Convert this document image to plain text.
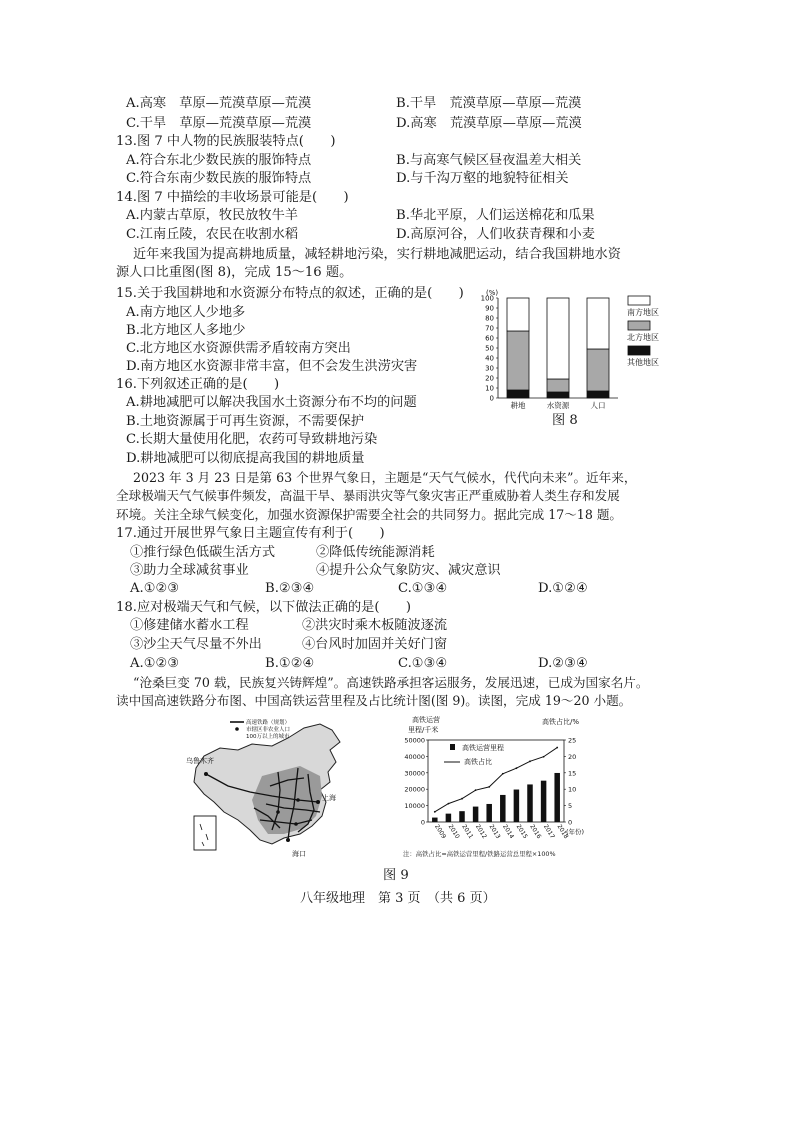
A.高寒　草原—荒漠草原—荒漠	B.干旱　荒漠草原—草原—荒漠
C.干旱　草原—荒漠草原—荒漠	D.高寒　荒漠草原—草原—荒漠
13.图 7 中人物的民族服装特点(　　)
A.符合东北少数民族的服饰特点	B.与高寒气候区昼夜温差大相关
C.符合东南少数民族的服饰特点	D.与千沟万壑的地貌特征相关
14.图 7 中描绘的丰收场景可能是(　　)
A.内蒙古草原，牧民放牧牛羊	B.华北平原，人们运送棉花和瓜果
C.江南丘陵，农民在收割水稻	D.高原河谷，人们收获青稞和小麦
近年来我国为提高耕地质量，减轻耕地污染，实行耕地减肥运动，结合我国耕地水资
源人口比重图(图 8)，完成 15～16 题。
15.关于我国耕地和水资源分布特点的叙述，正确的是(　　)
A.南方地区人少地多
B.北方地区人多地少
C.北方地区水资源供需矛盾较南方突出
D.南方地区水资源非常丰富，但不会发生洪涝灾害
(%)
0
10
20
30
40
50
60
70
80
90
100
耕地	水资源	人口
南方地区
北方地区
其他地区
图 8
16.下列叙述正确的是(　　)
A.耕地减肥可以解决我国水土资源分布不均的问题
B.土地资源属于可再生资源，不需要保护
C.长期大量使用化肥，农药可导致耕地污染
D.耕地减肥可以彻底提高我国的耕地质量
2023 年 3 月 23 日是第 63 个世界气象日，主题是“天气气候水，代代向未来”。近年来，
全球极端天气气候事件频发，高温干旱、暴雨洪灾等气象灾害正严重威胁着人类生存和发展
环境。关注全球气候变化，加强水资源保护需要全社会的共同努力。据此完成 17～18 题。
17.通过开展世界气象日主题宣传有利于(　　)
①推行绿色低碳生活方式	②降低传统能源消耗
③助力全球减贫事业	④提升公众气象防灾、减灾意识
A.①②③	B.②③④	C.①③④	D.①②④
18.应对极端天气和气候，以下做法正确的是(　　)
①修建储水蓄水工程	②洪灾时乘木板随波逐流
③沙尘天气尽量不外出	④台风时加固并关好门窗
A.①②③	B.①②④	C.①③④	D.②③④
“沧桑巨变 70 载，民族复兴铸辉煌”。高速铁路承担客运服务，发展迅速，已成为国家名片。
读中国高速铁路分布图、中国高铁运营里程及占比统计图(图 9)。读图，完成 19～20 小题。
高速铁路（规划）
市辖区非农业人口
100万以上的城市
乌鲁木齐
上海
海口
高铁运营
里程/千米
高铁占比/%
0
10000
20000
30000
40000
50000
0
5
10
15
20
25
2009 2010 2011 2012 2013 2014 2015 2016 2017 2018
(年份)
高铁运营里程
高铁占比
注：高铁占比=高铁运营里程/铁路运营总里程×100%
图 9
八年级地理　第 3 页　（共 6 页）
